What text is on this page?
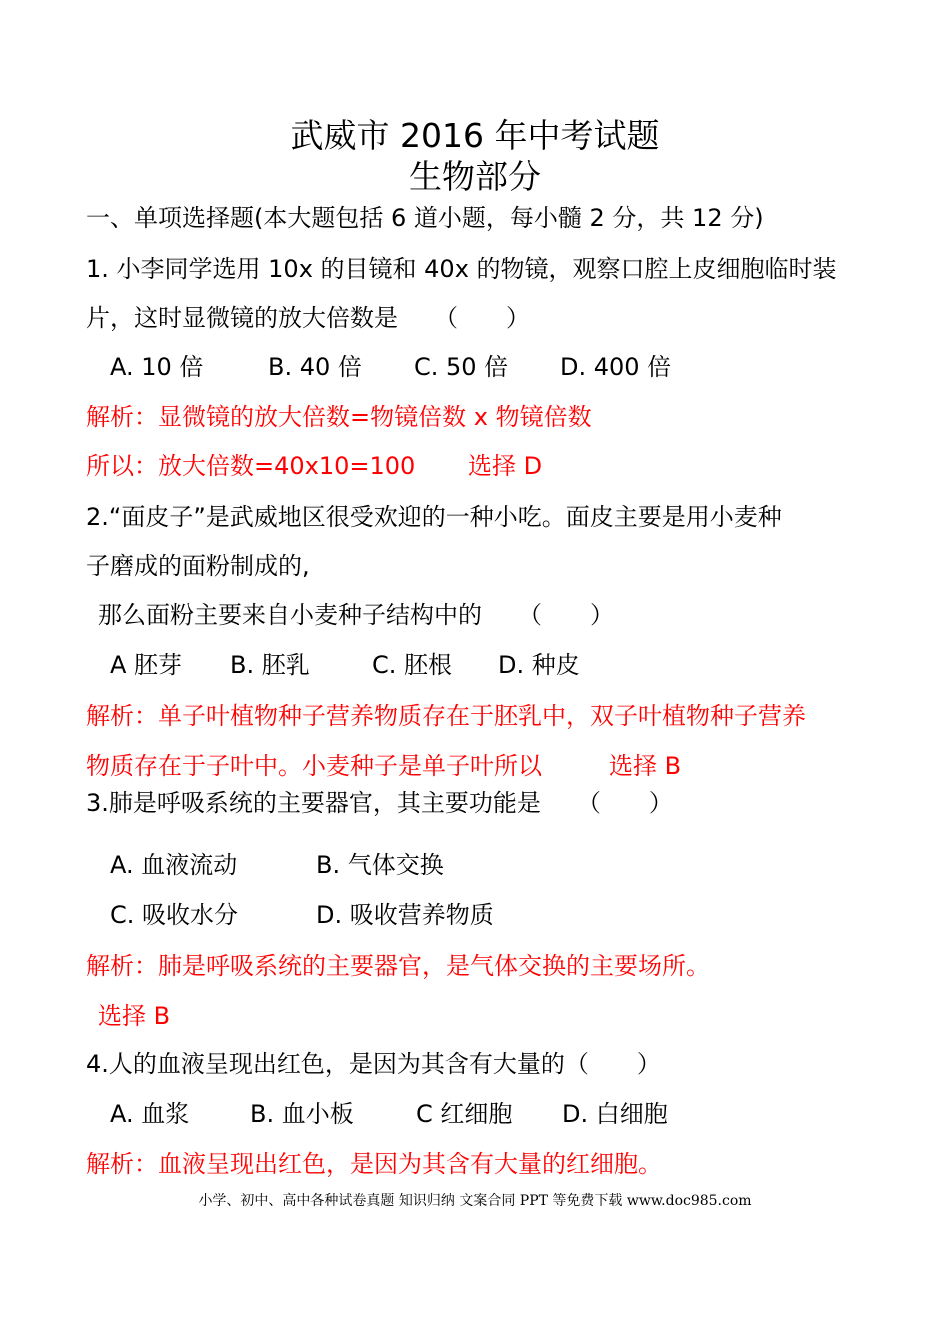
武威市 2016 年中考试题
生物部分
一、单项选择题(本大题包括 6 道小题，每小髓 2 分，共 12 分)
1. 小李同学选用 10x 的目镜和 40x 的物镜，观察口腔上皮细胞临时装
片，这时显微镜的放大倍数是　　（　　）
A. 10 倍	B. 40 倍 C. 50 倍 D. 400 倍
解析：显微镜的放大倍数=物镜倍数 x 物镜倍数
所以：放大倍数=40x10=100 选择 D
2.“面皮子”是武威地区很受欢迎的一种小吃。面皮主要是用小麦种
子磨成的面粉制成的,
那么面粉主要来自小麦种子结构中的　　（　　）
A 胚芽 B. 胚乳	C. 胚根 D. 种皮
解析：单子叶植物种子营养物质存在于胚乳中，双子叶植物种子营养
物质存在于子叶中。小麦种子是单子叶所以	选择 B
3.肺是呼吸系统的主要器官，其主要功能是　　（　　）
A. 血液流动	B. 气体交换
C. 吸收水分	D. 吸收营养物质
解析：肺是呼吸系统的主要器官，是气体交换的主要场所。
选择 B
4.人的血液呈现出红色，是因为其含有大量的（　　）
A. 血浆	B. 血小板	C 红细胞 D. 白细胞
解析：血液呈现出红色，是因为其含有大量的红细胞。
小学、初中、高中各种试卷真题 知识归纳 文案合同 PPT 等免费下载 www.doc985.com
